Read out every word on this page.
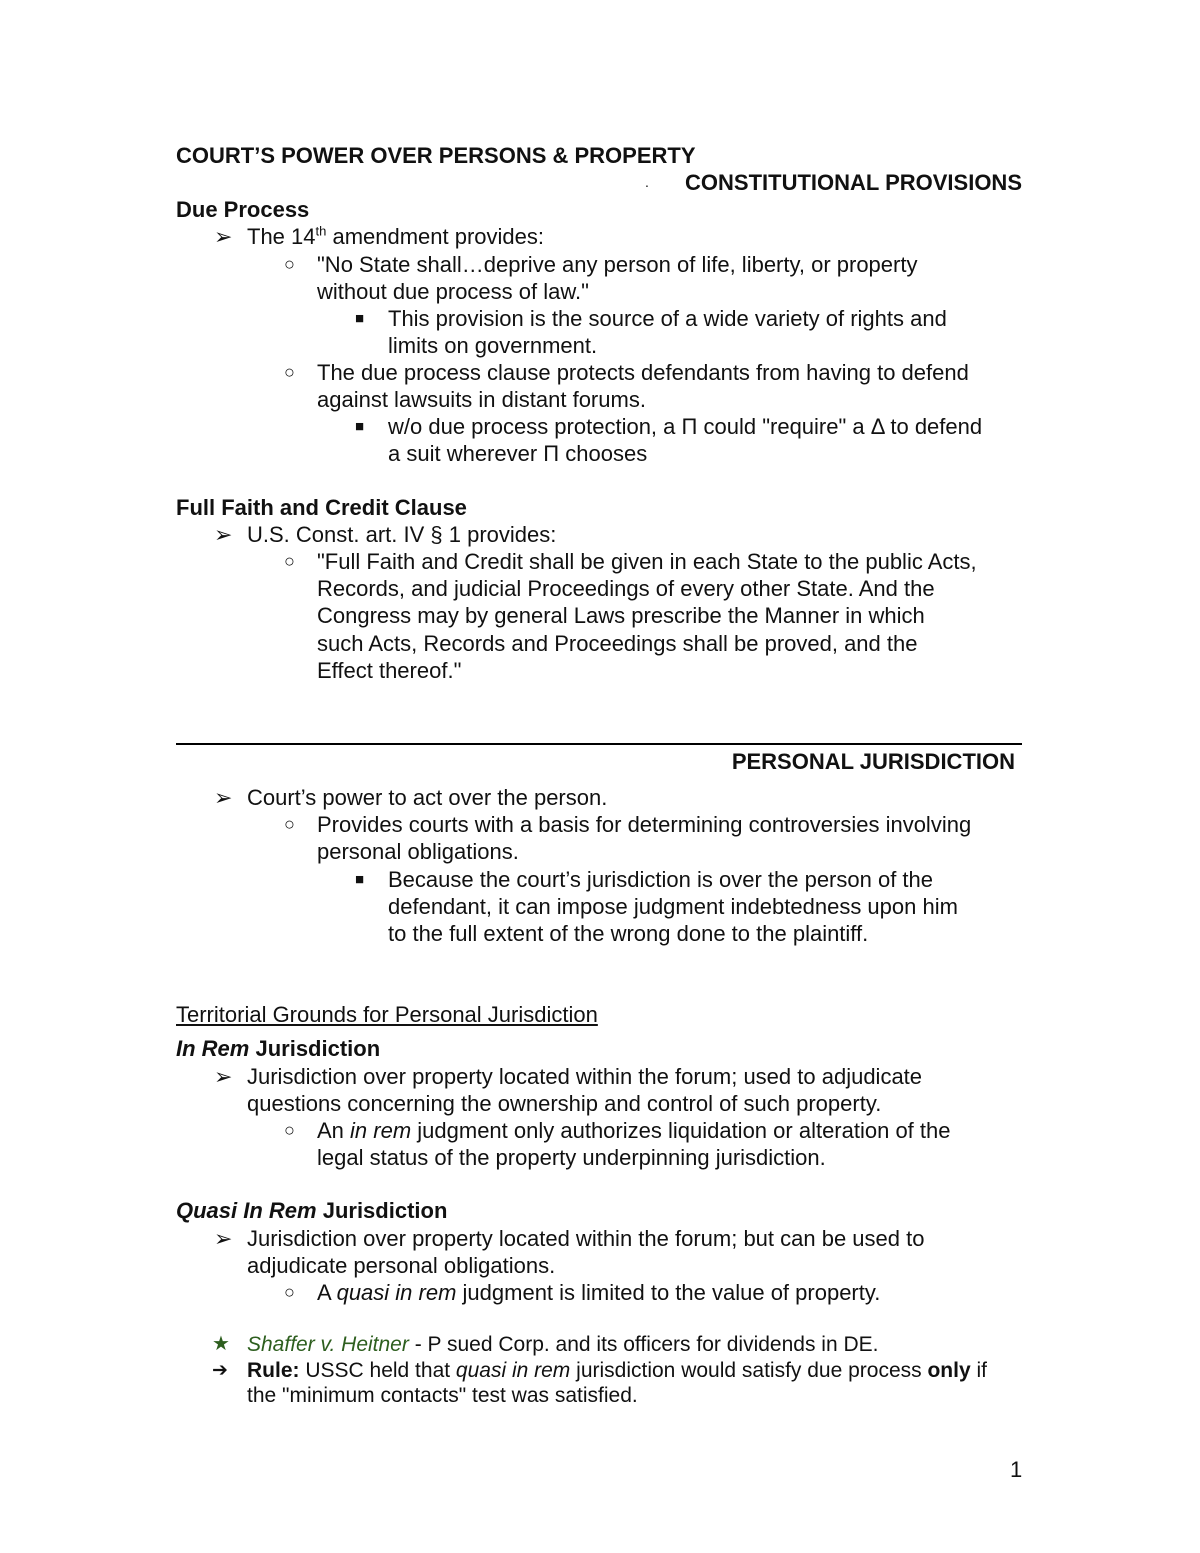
COURT’S POWER OVER PERSONS & PROPERTY
.	CONSTITUTIONAL PROVISIONS
Due Process
➢ The 14th amendment provides:
○ "No State shall…deprive any person of life, liberty, or property
without due process of law."
■ This provision is the source of a wide variety of rights and
limits on government.
○ The due process clause protects defendants from having to defend
against lawsuits in distant forums.
■ w/o due process protection, a Π could "require" a Δ to defend
a suit wherever Π chooses
Full Faith and Credit Clause
➢ U.S. Const. art. IV § 1 provides:
○ "Full Faith and Credit shall be given in each State to the public Acts,
Records, and judicial Proceedings of every other State. And the
Congress may by general Laws prescribe the Manner in which
such Acts, Records and Proceedings shall be proved, and the
Effect thereof."
PERSONAL JURISDICTION
➢ Court’s power to act over the person.
○ Provides courts with a basis for determining controversies involving
personal obligations.
■ Because the court’s jurisdiction is over the person of the
defendant, it can impose judgment indebtedness upon him
to the full extent of the wrong done to the plaintiff.
Territorial Grounds for Personal Jurisdiction
In Rem Jurisdiction
➢ Jurisdiction over property located within the forum; used to adjudicate
questions concerning the ownership and control of such property.
○ An in rem judgment only authorizes liquidation or alteration of the
legal status of the property underpinning jurisdiction.
Quasi In Rem Jurisdiction
➢ Jurisdiction over property located within the forum; but can be used to
adjudicate personal obligations.
○ A quasi in rem judgment is limited to the value of property.
★ Shaffer v. Heitner - P sued Corp. and its officers for dividends in DE.
➔ Rule: USSC held that quasi in rem jurisdiction would satisfy due process only if
the "minimum contacts" test was satisfied.
1
